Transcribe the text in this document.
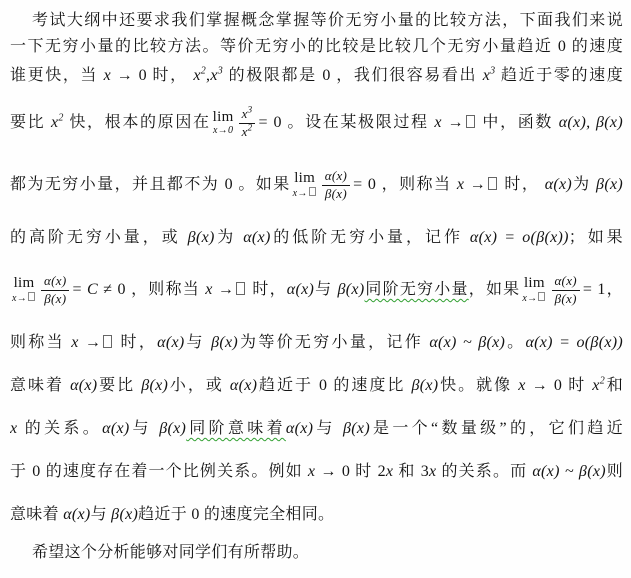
考试大纲中还要求我们掌握概念掌握等价无穷小量的比较方法，下面我们来说
一下无穷小量的比较方法。等价无穷小的比较是比较几个无穷小量趋近 0 的速度
谁更快，当 x → 0 时， $x^2,x^3$ 的极限都是 0 ，我们很容易看出 $x^3$ 趋近于零的速度
要比 $x^2$ 快，根本的原因在 lim
$x\to 0 \frac{x^3}{x^2} = 0$ 。设在某极限过程 x → 中，函数 α(x), β(x)
都为无穷小量，并且都不为 0 。如果 lim
x→	$\frac{\alpha(x)}{\beta(x)} = 0$ ，则称当 x → 时， α(x)为 β(x)
的高阶无穷小量，或 β(x)为 α(x)的低阶无穷小量，记作 α(x) = o(β(x))；如果
lim
x→	$\frac{\alpha(x)}{\beta(x)} = C \ne 0$ ，则称当 x → 时，α(x)与 β(x)同阶无穷小量，如果 lim
x→	$\frac{\alpha(x)}{\beta(x)} = 1$，
则称当 x → 时，α(x)与 β(x)为等价无穷小量，记作 α(x) ~ β(x)。α(x) = o(β(x))
意味着 α(x)要比 β(x)小，或 α(x)趋近于 0 的速度比 β(x)快。就像 x → 0 时 $x^2$和
x 的关系。α(x)与 β(x)同阶意味着α(x)与 β(x)是一个“数量级”的，它们趋近
于 0 的速度存在着一个比例关系。例如 x → 0 时 2x 和 3x 的关系。而 α(x) ~ β(x)则
意味着 α(x)与 β(x)趋近于 0 的速度完全相同。
希望这个分析能够对同学们有所帮助。
